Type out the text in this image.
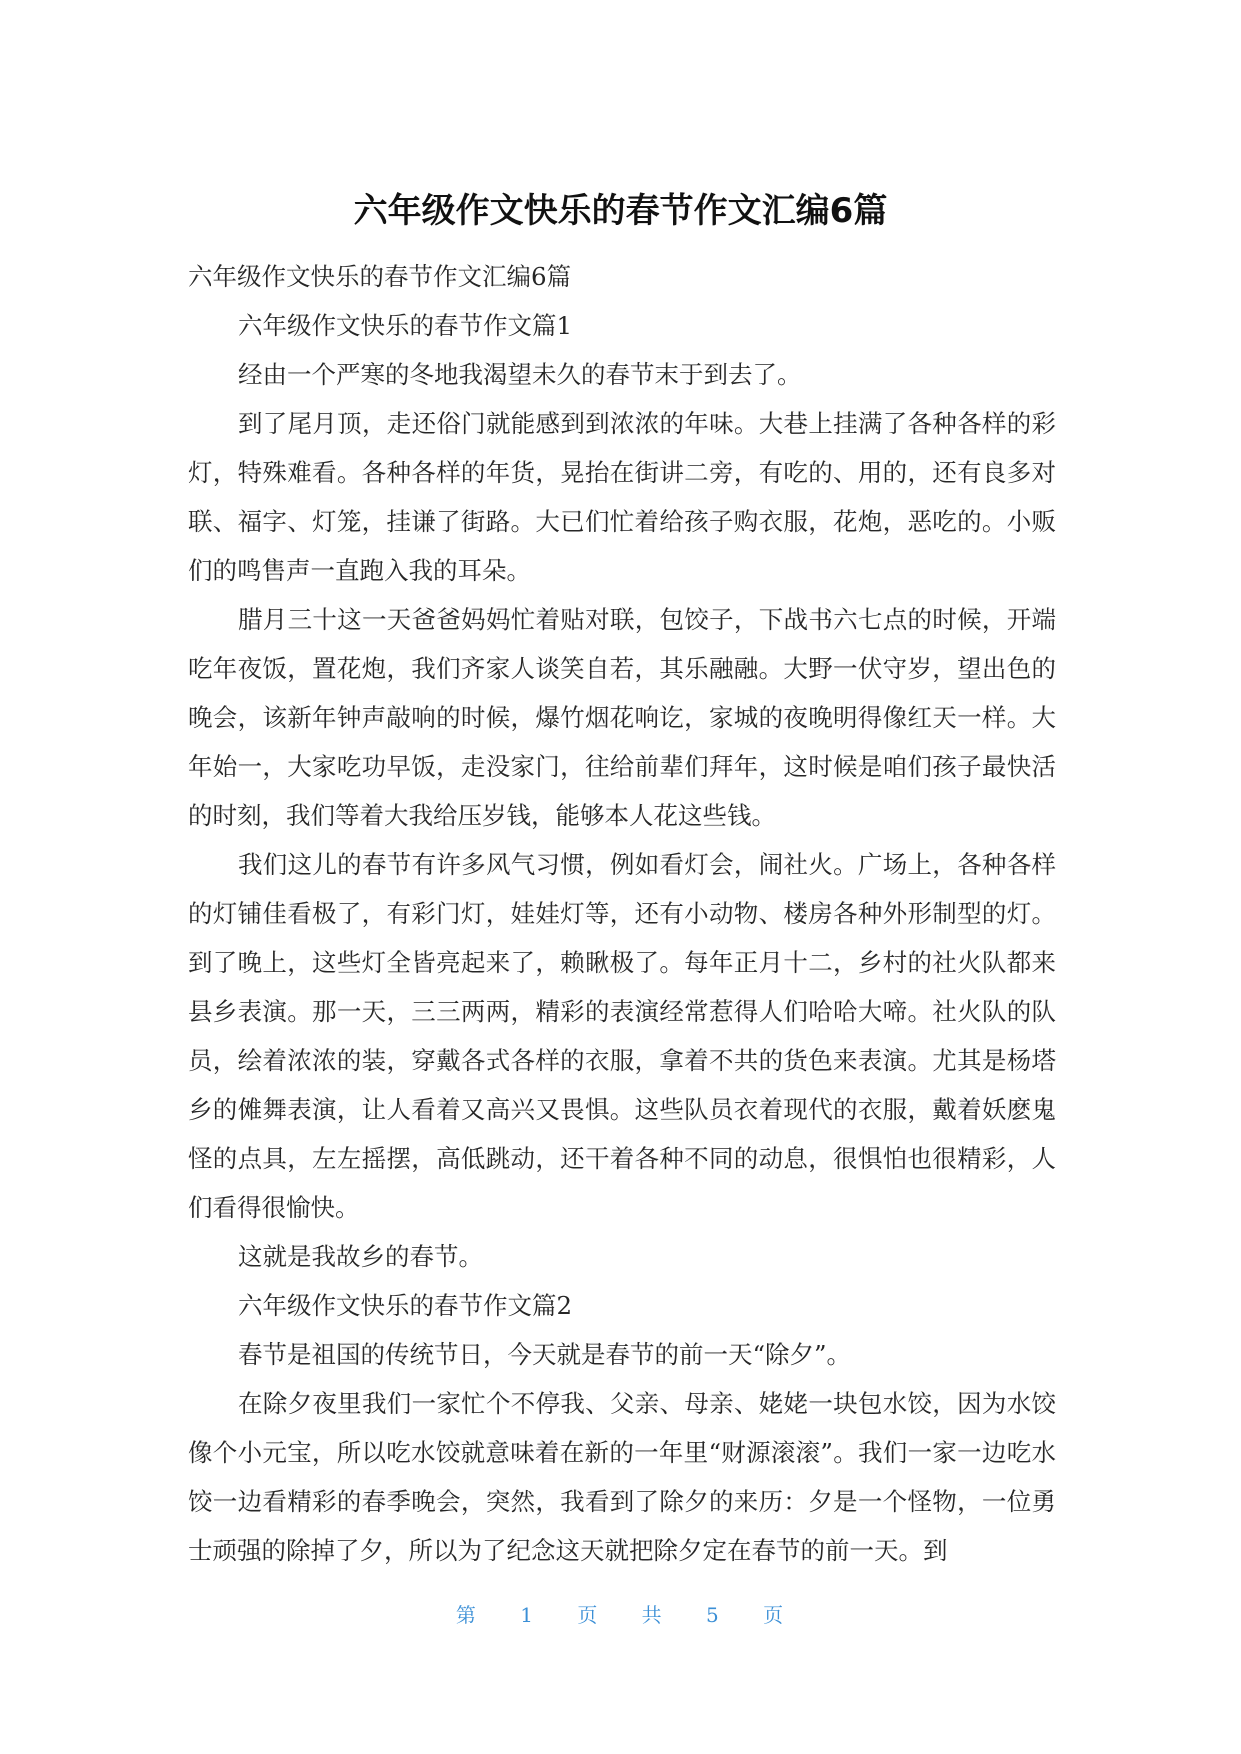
六年级作文快乐的春节作文汇编6篇

六年级作文快乐的春节作文汇编6篇

六年级作文快乐的春节作文篇1

经由一个严寒的冬地我渴望未久的春节末于到去了。

到了尾月顶，走还俗门就能感到到浓浓的年味。大巷上挂满了各种各样的彩灯，特殊难看。各种各样的年货，晃抬在街讲二旁，有吃的、用的，还有良多对联、福字、灯笼，挂谦了街路。大已们忙着给孩子购衣服，花炮，恶吃的。小贩们的鸣售声一直跑入我的耳朵。

腊月三十这一天爸爸妈妈忙着贴对联，包饺子，下战书六七点的时候，开端吃年夜饭，置花炮，我们齐家人谈笑自若，其乐融融。大野一伏守岁，望出色的晚会，该新年钟声敲响的时候，爆竹烟花响讫，家城的夜晚明得像红天一样。大年始一，大家吃功早饭，走没家门，往给前辈们拜年，这时候是咱们孩子最快活的时刻，我们等着大我给压岁钱，能够本人花这些钱。

我们这儿的春节有许多风气习惯，例如看灯会，闹社火。广场上，各种各样的灯铺佳看极了，有彩门灯，娃娃灯等，还有小动物、楼房各种外形制型的灯。到了晚上，这些灯全皆亮起来了，赖瞅极了。每年正月十二，乡村的社火队都来县乡表演。那一天，三三两两，精彩的表演经常惹得人们哈哈大啼。社火队的队员，绘着浓浓的装，穿戴各式各样的衣服，拿着不共的货色来表演。尤其是杨塔乡的傩舞表演，让人看着又高兴又畏惧。这些队员衣着现代的衣服，戴着妖麽鬼怪的点具，左左摇摆，高低跳动，还干着各种不同的动息，很惧怕也很精彩，人们看得很愉快。

这就是我故乡的春节。

六年级作文快乐的春节作文篇2

春节是祖国的传统节日，今天就是春节的前一天“除夕”。

在除夕夜里我们一家忙个不停我、父亲、母亲、姥姥一块包水饺，因为水饺像个小元宝，所以吃水饺就意味着在新的一年里“财源滚滚”。我们一家一边吃水饺一边看精彩的春季晚会，突然，我看到了除夕的来历：夕是一个怪物，一位勇士顽强的除掉了夕，所以为了纪念这天就把除夕定在春节的前一天。到

第 1 页 共 5 页
